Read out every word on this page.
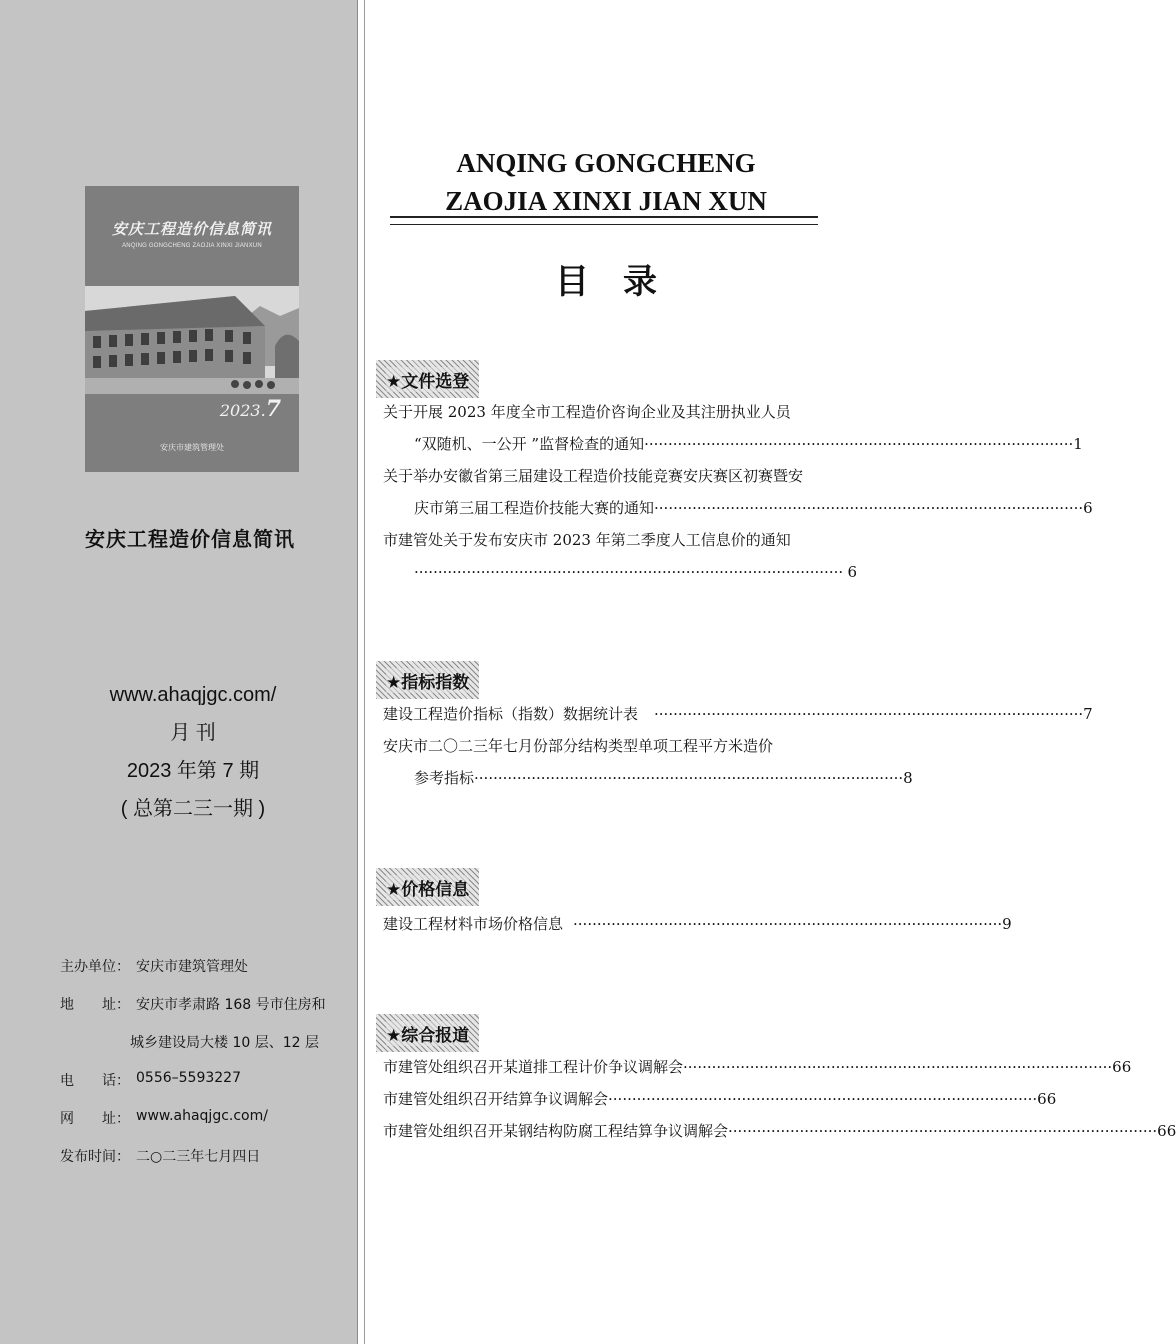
安庆工程造价信息简讯
ANQING GONGCHENG ZAOJIA XINXI JIANXUN
2023.7
安庆市建筑管理处
安庆工程造价信息简讯
www.ahaqjgc.com/
月 刊
2023 年第 7 期
( 总第二三一期 )
主办单位： 安庆市建筑管理处
地　　址： 安庆市孝肃路 168 号市住房和
城乡建设局大楼 10 层、12 层
电　　话： 0556–5593227
网　　址： www.ahaqjgc.com/
发布时间： 二○二三年七月四日
ANQING GONGCHENG
ZAOJIA XINXI JIAN XUN
目录
★文件选登
关于开展 2023 年度全市工程造价咨询企业及其注册执业人员
“双随机、一公开 ”监督检查的通知 ·························································································· 1
关于举办安徽省第三届建设工程造价技能竞赛安庆赛区初赛暨安
庆市第三届工程造价技能大赛的通知 ·························································································· 6
市建管处关于发布安庆市 2023 年第二季度人工信息价的通知
·························································································· 6
★指标指数
建设工程造价指标（指数）数据统计表	·························································································· 7
安庆市二〇二三年七月份部分结构类型单项工程平方米造价
参考指标 ·························································································· 8
★价格信息
建设工程材料市场价格信息 ·························································································· 9
★综合报道
市建管处组织召开某道排工程计价争议调解会 ·························································································· 66
市建管处组织召开结算争议调解会 ·························································································· 66
市建管处组织召开某钢结构防腐工程结算争议调解会 ·························································································· 66
